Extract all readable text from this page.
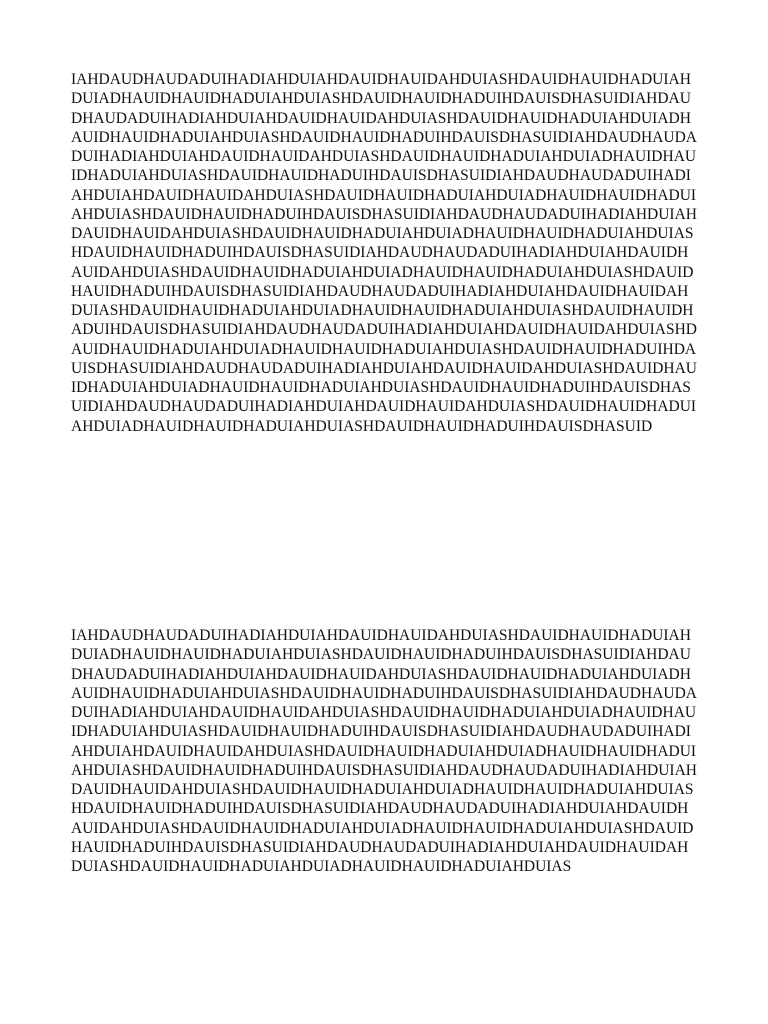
IAHDAUDHAUDADUIHADIAHDUIAHDAUIDHAUIDAHDUIASHDAUIDHAUIDHADUIAHDUIADHAUIDHAUIDHADUIAHDUIASHDAUIDHAUIDHADUIHDAUISDHASUIDIAHDAUDHAUDADUIHADIAHDUIAHDAUIDHAUIDAHDUIASHDAUIDHAUIDHADUIAHDUIADHAUIDHAUIDHADUIAHDUIASHDAUIDHAUIDHADUIHDAUISDHASUIDIAHDAUDHAUDADUIHADIAHDUIAHDAUIDHAUIDAHDUIASHDAUIDHAUIDHADUIAHDUIADHAUIDHAUIDHADUIAHDUIASHDAUIDHAUIDHADUIHDAUISDHASUIDIAHDAUDHAUDADUIHADIAHDUIAHDAUIDHAUIDAHDUIASHDAUIDHAUIDHADUIAHDUIADHAUIDHAUIDHADUIAHDUIASHDAUIDHAUIDHADUIHDAUISDHASUIDIAHDAUDHAUDADUIHADIAHDUIAHDAUIDHAUIDAHDUIASHDAUIDHAUIDHADUIAHDUIADHAUIDHAUIDHADUIAHDUIASHDAUIDHAUIDHADUIHDAUISDHASUIDIAHDAUDHAUDADUIHADIAHDUIAHDAUIDHAUIDAHDUIASHDAUIDHAUIDHADUIAHDUIADHAUIDHAUIDHADUIAHDUIASHDAUIDHAUIDHADUIHDAUISDHASUIDIAHDAUDHAUDADUIHADIAHDUIAHDAUIDHAUIDAHDUIASHDAUIDHAUIDHADUIAHDUIADHAUIDHAUIDHADUIAHDUIASHDAUIDHAUIDHADUIHDAUISDHASUIDIAHDAUDHAUDADUIHADIAHDUIAHDAUIDHAUIDAHDUIASHDAUIDHAUIDHADUIAHDUIADHAUIDHAUIDHADUIAHDUIASHDAUIDHAUIDHADUIHDAUISDHASUIDIAHDAUDHAUDADUIHADIAHDUIAHDAUIDHAUIDAHDUIASHDAUIDHAUIDHADUIAHDUIADHAUIDHAUIDHADUIAHDUIASHDAUIDHAUIDHADUIHDAUISDHASUIDIAHDAUDHAUDADUIHADIAHDUIAHDAUIDHAUIDAHDUIASHDAUIDHAUIDHADUIAHDUIADHAUIDHAUIDHADUIAHDUIASHDAUIDHAUIDHADUIHDAUISDHASUID

IAHDAUDHAUDADUIHADIAHDUIAHDAUIDHAUIDAHDUIASHDAUIDHAUIDHADUIAHDUIADHAUIDHAUIDHADUIAHDUIASHDAUIDHAUIDHADUIHDAUISDHASUIDIAHDAUDHAUDADUIHADIAHDUIAHDAUIDHAUIDAHDUIASHDAUIDHAUIDHADUIAHDUIADHAUIDHAUIDHADUIAHDUIASHDAUIDHAUIDHADUIHDAUISDHASUIDIAHDAUDHAUDADUIHADIAHDUIAHDAUIDHAUIDAHDUIASHDAUIDHAUIDHADUIAHDUIADHAUIDHAUIDHADUIAHDUIASHDAUIDHAUIDHADUIHDAUISDHASUIDIAHDAUDHAUDADUIHADIAHDUIAHDAUIDHAUIDAHDUIASHDAUIDHAUIDHADUIAHDUIADHAUIDHAUIDHADUIAHDUIASHDAUIDHAUIDHADUIHDAUISDHASUIDIAHDAUDHAUDADUIHADIAHDUIAHDAUIDHAUIDAHDUIASHDAUIDHAUIDHADUIAHDUIADHAUIDHAUIDHADUIAHDUIASHDAUIDHAUIDHADUIHDAUISDHASUIDIAHDAUDHAUDADUIHADIAHDUIAHDAUIDHAUIDAHDUIASHDAUIDHAUIDHADUIAHDUIADHAUIDHAUIDHADUIAHDUIASHDAUIDHAUIDHADUIHDAUISDHASUIDIAHDAUDHAUDADUIHADIAHDUIAHDAUIDHAUIDAHDUIASHDAUIDHAUIDHADUIAHDUIADHAUIDHAUIDHADUIAHDUIAS
